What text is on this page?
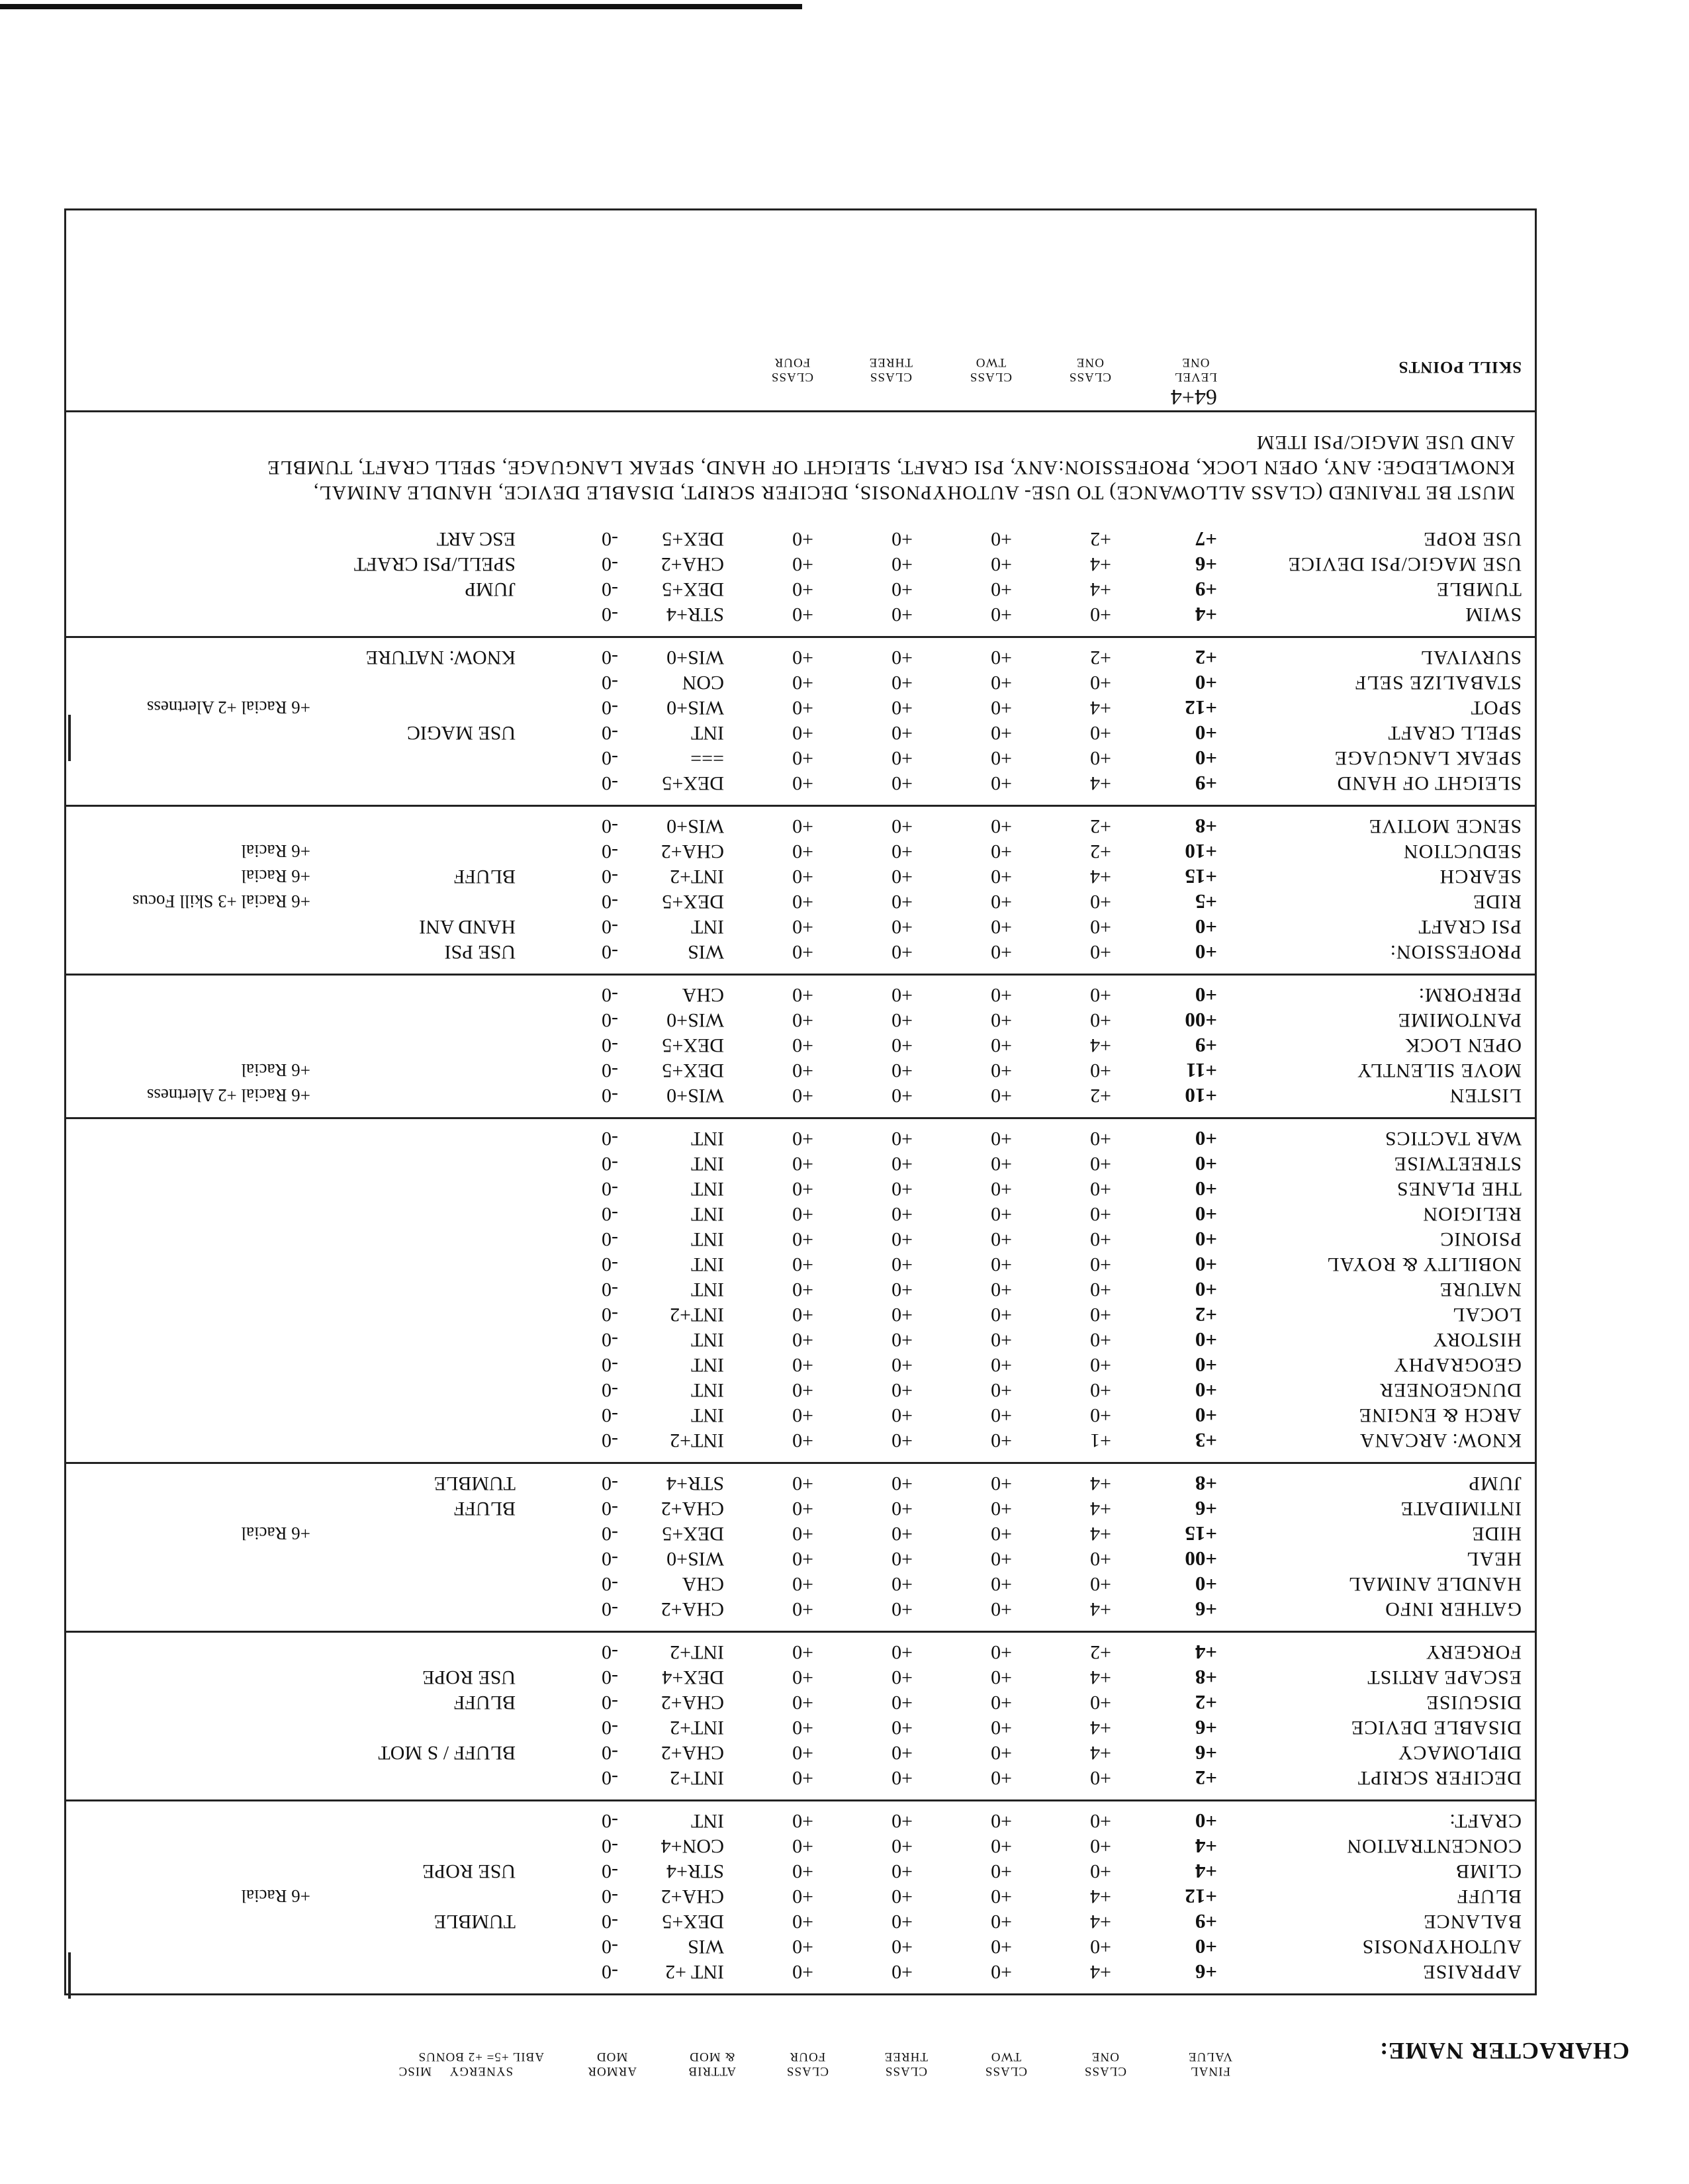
CHARACTER NAME:
FINAL
VALUE
CLASS
ONE
CLASS
TWO
CLASS
THREE
CLASS
FOUR
ATTRIB
& MOD
ARMOR
MOD
SYNERGY
ABIL +5= +2 BONUS
MISC
APPRAISE
+6
+4
+0
+0
+0
INT +2
-0
AUTOHYPNOSIS
+0
+0
+0
+0
+0
WIS
-0
BALANCE
+9
+4
+0
+0
+0
DEX+5
-0
TUMBLE
BLUFF
+12
+4
+0
+0
+0
CHA+2
-0
+6 Racial
CLIMB
+4
+0
+0
+0
+0
STR+4
-0
USE ROPE
CONCENTRATION
+4
+0
+0
+0
+0
CON+4
-0
CRAFT:
+0
+0
+0
+0
+0
INT
-0
DECIFER SCRIPT
+2
+0
+0
+0
+0
INT+2
-0
DIPLOMACY
+6
+4
+0
+0
+0
CHA+2
-0
BLUFF / S MOT
DISABLE DEVICE
+6
+4
+0
+0
+0
INT+2
-0
DISGUISE
+2
+0
+0
+0
+0
CHA+2
-0
BLUFF
ESCAPE ARTIST
+8
+4
+0
+0
+0
DEX+4
-0
USE ROPE
FORGERY
+4
+2
+0
+0
+0
INT+2
-0
GATHER INFO
+6
+4
+0
+0
+0
CHA+2
-0
HANDLE ANIMAL
+0
+0
+0
+0
+0
CHA
-0
HEAL
+00
+0
+0
+0
+0
WIS+0
-0
HIDE
+15
+4
+0
+0
+0
DEX+5
-0
+6 Racial
INTIMIDATE
+6
+4
+0
+0
+0
CHA+2
-0
BLUFF
JUMP
+8
+4
+0
+0
+0
STR+4
-0
TUMBLE
KNOW: ARCANA
+3
+1
+0
+0
+0
INT+2
-0
ARCH & ENGINE
+0
+0
+0
+0
+0
INT
-0
DUNGEONEER
+0
+0
+0
+0
+0
INT
-0
GEOGRAPHY
+0
+0
+0
+0
+0
INT
-0
HISTORY
+0
+0
+0
+0
+0
INT
-0
LOCAL
+2
+0
+0
+0
+0
INT+2
-0
NATURE
+0
+0
+0
+0
+0
INT
-0
NOBILITY & ROYAL
+0
+0
+0
+0
+0
INT
-0
PSIONIC
+0
+0
+0
+0
+0
INT
-0
RELIGION
+0
+0
+0
+0
+0
INT
-0
THE PLANES
+0
+0
+0
+0
+0
INT
-0
STREETWISE
+0
+0
+0
+0
+0
INT
-0
WAR TACTICS
+0
+0
+0
+0
+0
INT
-0
LISTEN
+10
+2
+0
+0
+0
WIS+0
-0
+6 Racial +2 Alertness
MOVE SILENTLY
+11
+0
+0
+0
+0
DEX+5
-0
+6 Racial
OPEN LOCK
+9
+4
+0
+0
+0
DEX+5
-0
PANTOMIME
+00
+0
+0
+0
+0
WIS+0
-0
PERFORM:
+0
+0
+0
+0
+0
CHA
-0
PROFESSION:
+0
+0
+0
+0
+0
WIS
-0
USE PSI
PSI CRAFT
+0
+0
+0
+0
+0
INT
-0
HAND ANI
RIDE
+5
+0
+0
+0
+0
DEX+5
-0
+6 Racial +3 Skill Focus
SEARCH
+15
+4
+0
+0
+0
INT+2
-0
BLUFF
+6 Racial
SEDUCTION
+10
+2
+0
+0
+0
CHA+2
-0
+6 Racial
SENCE MOTIVE
+8
+2
+0
+0
+0
WIS+0
-0
SLEIGHT OF HAND
+9
+4
+0
+0
+0
DEX+5
-0
SPEAK LANGUAGE
+0
+0
+0
+0
+0
===
-0
SPELL CRAFT
+0
+0
+0
+0
+0
INT
-0
USE MAGIC
SPOT
+12
+4
+0
+0
+0
WIS+0
-0
+6 Racial +2 Alertness
STABALIZE SELF
+0
+0
+0
+0
+0
CON
-0
SURVIVAL
+2
+2
+0
+0
+0
WIS+0
-0
KNOW: NATURE
SWIM
+4
+0
+0
+0
+0
STR+4
-0
TUMBLE
+9
+4
+0
+0
+0
DEX+5
-0
JUMP
USE MAGIC/PSI DEVICE
+6
+4
+0
+0
+0
CHA+2
-0
SPELL/PSI CRAFT
USE ROPE
+7
+2
+0
+0
+0
DEX+5
-0
ESC ART
MUST BE TRAINED (CLASS ALLOWANCE) TO USE- AUTOHYPNOSIS, DECIFER SCRIPT, DISABLE DEVICE, HANDLE ANIMAL,
KNOWLEDGE: ANY, OPEN LOCK, PROFESSION:ANY, PSI CRAFT, SLEIGHT OF HAND, SPEAK LANGUAGE, SPELL CRAFT, TUMBLE
AND USE MAGIC/PSI ITEM
SKILL POINTS
LEVEL
ONE
CLASS
ONE
CLASS
TWO
CLASS
THREE
CLASS
FOUR
64+4
